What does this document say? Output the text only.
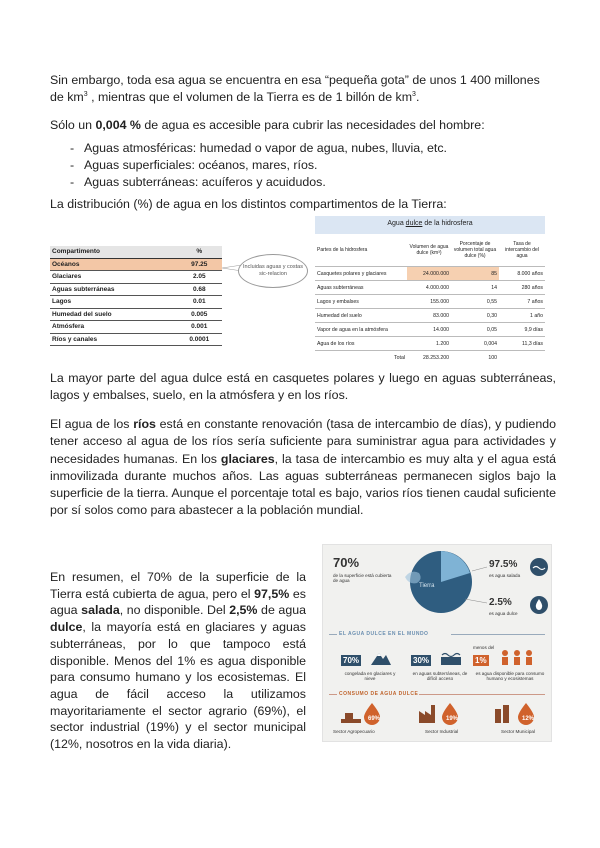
Sin embargo, toda esa agua se encuentra en esa “pequeña gota” de unos 1 400 millones de $km^3$ , mientras que el volumen de la Tierra es de 1 billón de $km^3$.
Sólo un 0,004 % de agua es accesible para cubrir las necesidades del hombre:
- Aguas atmosféricas: humedad o vapor de agua, nubes, lluvia, etc.
- Aguas superficiales: océanos, mares, ríos.
- Aguas subterráneas: acuíferos y acuidudos.
La distribución (%) de agua en los distintos compartimentos de la Tierra:
Compartimento	%
Océanos	97.25
Glaciares	2.05
Aguas subterráneas	0.68
Lagos	0.01
Humedad del suelo	0.005
Atmósfera	0.001
Ríos y canales	0.0001
Incluidas aguas y costas sic-relacion
Agua dulce de la hidrosfera
Partes de la hidrosfera	Volumen de agua dulce (km³)	Porcentaje de volumen total agua dulce (%)	Tasa de intercambio del agua
Casquetes polares y glaciares	24.000.000	85	8.000 años
Aguas subterráneas	4.000.000	14	280 años
Lagos y embalses	155.000	0,55	7 años
Humedad del suelo	83.000	0,30	1 año
Vapor de agua en la atmósfera	14.000	0,05	9,9 días
Agua de los ríos	1.200	0,004	11,3 días
Total	28.253.200	100	
La mayor parte del agua dulce está en casquetes polares y luego en aguas subterráneas, lagos y embalses, suelo, en la atmósfera y en los ríos.
El agua de los ríos está en constante renovación (tasa de intercambio de días), y pudiendo tener acceso al agua de los ríos sería suficiente para suministrar agua para actividades y necesidades humanas. En los glaciares, la tasa de intercambio es muy alta y el agua está inmovilizada durante muchos años. Las aguas subterráneas permanecen siglos bajo la superficie de la tierra. Aunque el porcentaje total es bajo, varios ríos tienen caudal suficiente por sí solos como para abastecer a la población mundial.
En resumen, el 70% de la superficie de la Tierra está cubierta de agua, pero el 97,5% es agua salada, no disponible. Del 2,5% de agua dulce, la mayoría está en glaciares y aguas subterráneas, por lo que tampoco está disponible. Menos del 1% es agua disponible para consumo humano y los ecosistemas. El agua de fácil acceso la utilizamos mayoritariamente el sector agrario (69%), el sector industrial (19%) y el sector municipal (12%, nosotros en la vida diaria).
70%
de la superficie está cubierta de agua
Tierra
97.5%
es agua salada
2.5%
es agua dulce
EL AGUA DULCE EN EL MUNDO
70%
congelada en glaciares y nieve
30%
en aguas subterráneas, de difícil acceso
menos del
1%
es agua disponible para consumo humano y ecosistemas
CONSUMO DE AGUA DULCE
69%
Sector Agropecuario
19%
Sector Industrial
12%
Sector Municipal
